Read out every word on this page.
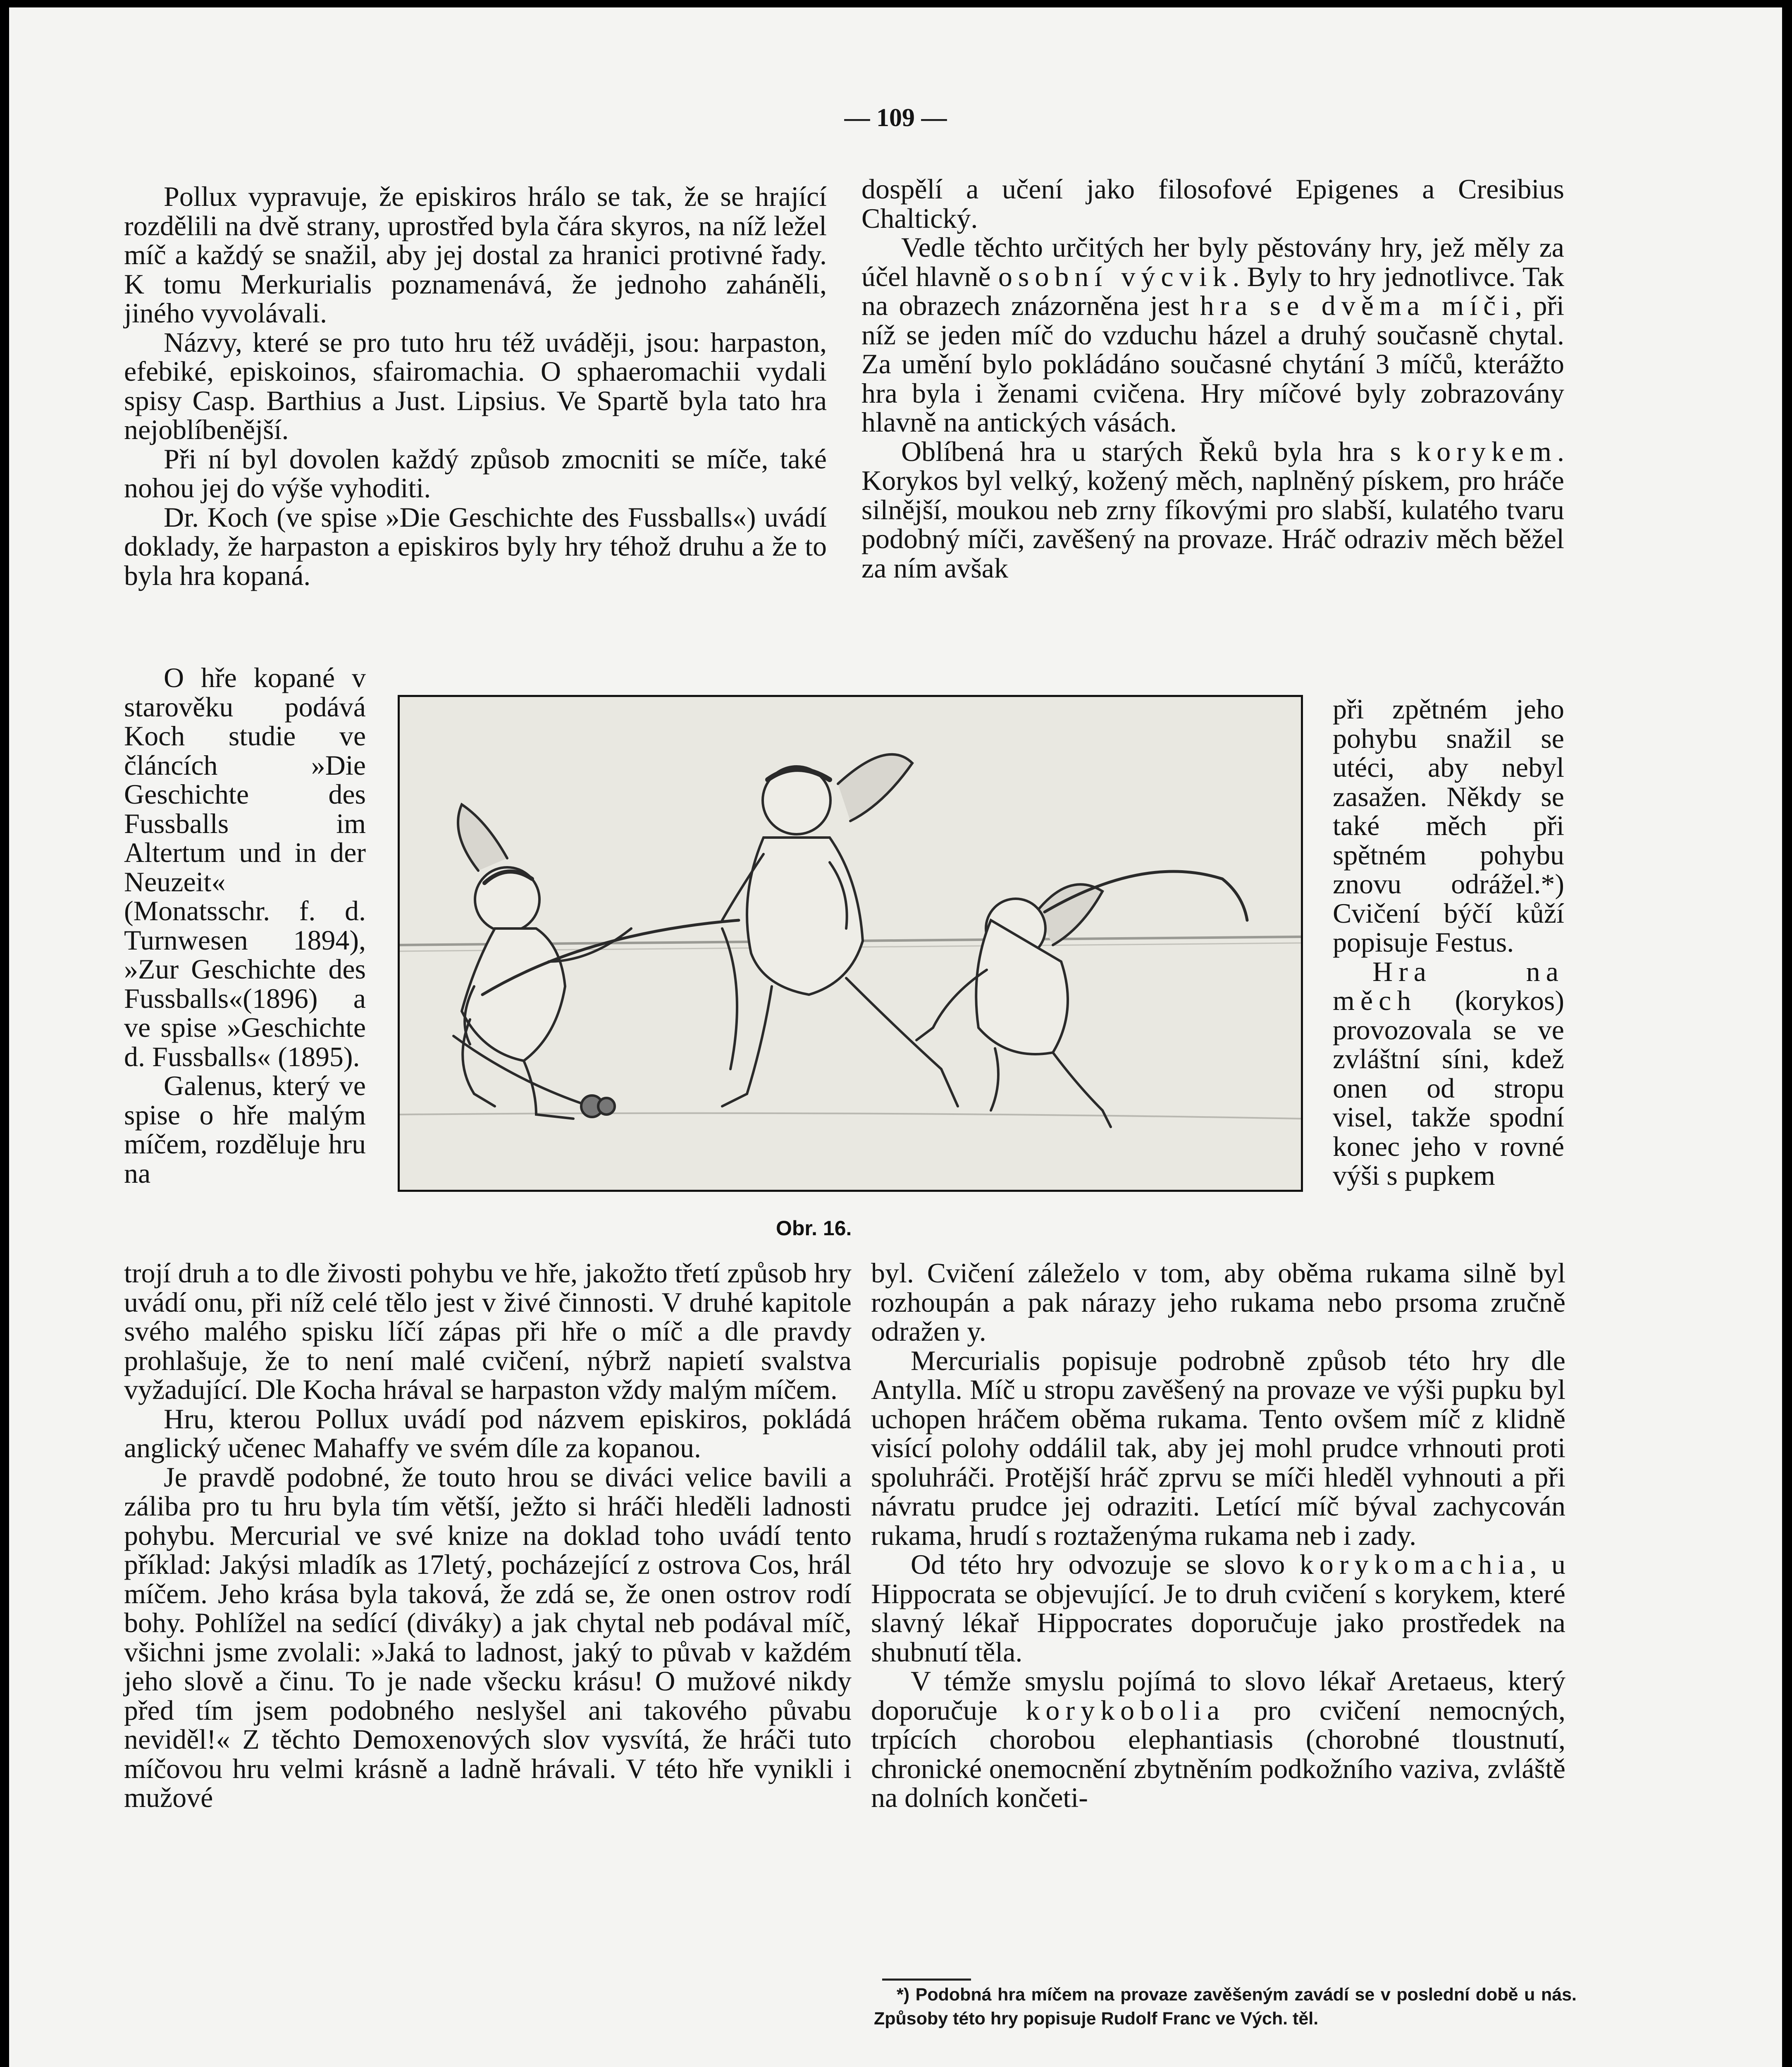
— 109 —

Pollux vypravuje, že episkiros hrálo se tak, že se hrající rozdělili na dvě strany, uprostřed byla čára skyros, na níž ležel míč a každý se snažil, aby jej dostal za hranici protivné řady. K tomu Merkurialis poznamenává, že jednoho zaháněli, jiného vyvolávali.

Názvy, které se pro tuto hru též uváději, jsou: harpaston, efebiké, episkoinos, sfairomachia. O sphaeromachii vydali spisy Casp. Barthius a Just. Lipsius. Ve Spartě byla tato hra nejoblíbenější.

Při ní byl dovolen každý způsob zmocniti se míče, také nohou jej do výše vyhoditi.

Dr. Koch (ve spise »Die Geschichte des Fussballs«) uvádí doklady, že harpaston a episkiros byly hry téhož druhu a že to byla hra kopaná.

O hře kopané v starověku podává Koch studie ve článcích »Die Geschichte des Fussballs im Altertum und in der Neuzeit« (Monatsschr. f. d. Turnwesen 1894), »Zur Geschichte des Fussballs«(1896) a ve spise »Geschichte d. Fussballs« (1895).

Galenus, který ve spise o hře malým míčem, rozděluje hru na

trojí druh a to dle živosti pohybu ve hře, jakožto třetí způsob hry uvádí onu, při níž celé tělo jest v živé činnosti. V druhé kapitole svého malého spisku líčí zápas při hře o míč a dle pravdy prohlašuje, že to není malé cvičení, nýbrž napietí svalstva vyžadující. Dle Kocha hrával se harpaston vždy malým míčem.

Hru, kterou Pollux uvádí pod názvem episkiros, pokládá anglický učenec Mahaffy ve svém díle za kopanou.

Je pravdě podobné, že touto hrou se diváci velice bavili a záliba pro tu hru byla tím větší, ježto si hráči hleděli ladnosti pohybu. Mercurial ve své knize na doklad toho uvádí tento příklad: Jakýsi mladík as 17letý, pocházející z ostrova Cos, hrál míčem. Jeho krása byla taková, že zdá se, že onen ostrov rodí bohy. Pohlížel na sedící (diváky) a jak chytal neb podával míč, všichni jsme zvolali: »Jaká to ladnost, jaký to půvab v každém jeho slově a činu. To je nade všecku krásu! O mužové nikdy před tím jsem podobného neslyšel ani takového půvabu neviděl!« Z těchto Demoxenových slov vysvítá, že hráči tuto míčovou hru velmi krásně a ladně hrávali. V této hře vynikli i mužové

dospělí a učení jako filosofové Epigenes a Cresibius Chaltický.

Vedle těchto určitých her byly pěstovány hry, jež měly za účel hlavně osobní výcvik. Byly to hry jednotlivce. Tak na obrazech znázorněna jest hra se dvěma míči, při níž se jeden míč do vzduchu házel a druhý současně chytal. Za umění bylo pokládáno současné chytání 3 míčů, kterážto hra byla i ženami cvičena. Hry míčové byly zobrazovány hlavně na antických vásách.

Oblíbená hra u starých Řeků byla hra s korykem. Korykos byl velký, kožený měch, naplněný pískem, pro hráče silnější, moukou neb zrny fíkovými pro slabší, kulatého tvaru podobný míči, zavěšený na provaze. Hráč odraziv měch běžel za ním avšak

při zpětném jeho pohybu snažil se utéci, aby nebyl zasažen. Někdy se také měch při spětném pohybu znovu odrážel.*) Cvičení býčí kůží popisuje Festus.

Hra na měch (korykos) provozovala se ve zvláštní síni, kdež onen od stropu visel, takže spodní konec jeho v rovné výši s pupkem

byl. Cvičení záleželo v tom, aby oběma rukama silně byl rozhoupán a pak nárazy jeho rukama nebo prsoma zručně odražen y.

Mercurialis popisuje podrobně způsob této hry dle Antylla. Míč u stropu zavěšený na provaze ve výši pupku byl uchopen hráčem oběma rukama. Tento ovšem míč z klidně visící polohy oddálil tak, aby jej mohl prudce vrhnouti proti spoluhráči. Protější hráč zprvu se míči hleděl vyhnouti a při návratu prudce jej odraziti. Letící míč býval zachycován rukama, hrudí s roztaženýma rukama neb i zady.

Od této hry odvozuje se slovo korykomachia, u Hippocrata se objevující. Je to druh cvičení s korykem, které slavný lékař Hippocrates doporučuje jako prostředek na shubnutí těla.

V témže smyslu pojímá to slovo lékař Aretaeus, který doporučuje korykobolia pro cvičení nemocných, trpících chorobou elephantiasis (chorobné tloustnutí, chronické onemocnění zbytněním podkožního vaziva, zvláště na dolních končeti-

Obr. 16.

*) Podobná hra míčem na provaze zavěšeným zavádí se v poslední době u nás. Způsoby této hry popisuje Rudolf Franc ve Vých. těl.
